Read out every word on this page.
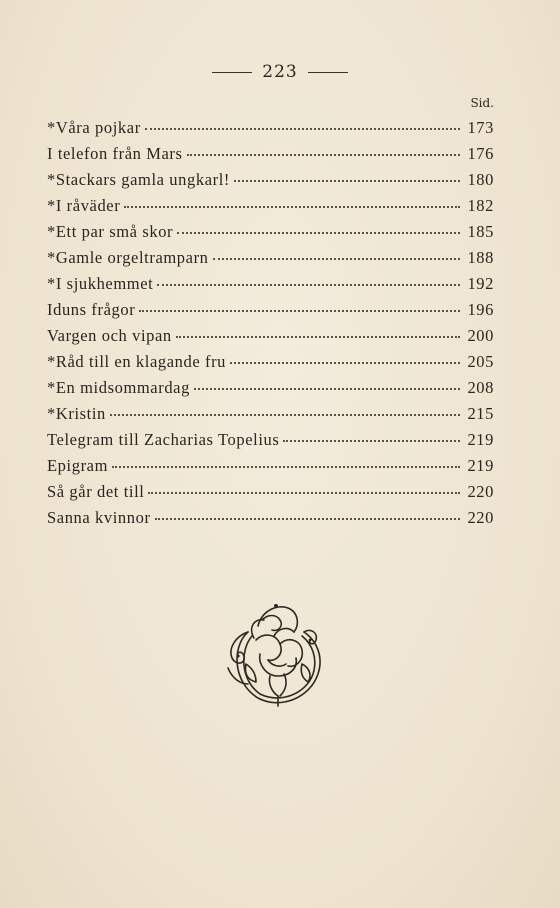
223
Sid.
*Våra pojkar	173
I telefon från Mars	176
*Stackars gamla ungkarl!	180
*I råväder	182
*Ett par små skor	185
*Gamle orgeltramparn	188
*I sjukhemmet	192
Iduns frågor	196
Vargen och vipan	200
*Råd till en klagande fru	205
*En midsommardag	208
*Kristin	215
Telegram till Zacharias Topelius	219
Epigram	219
Så går det till	220
Sanna kvinnor	220
